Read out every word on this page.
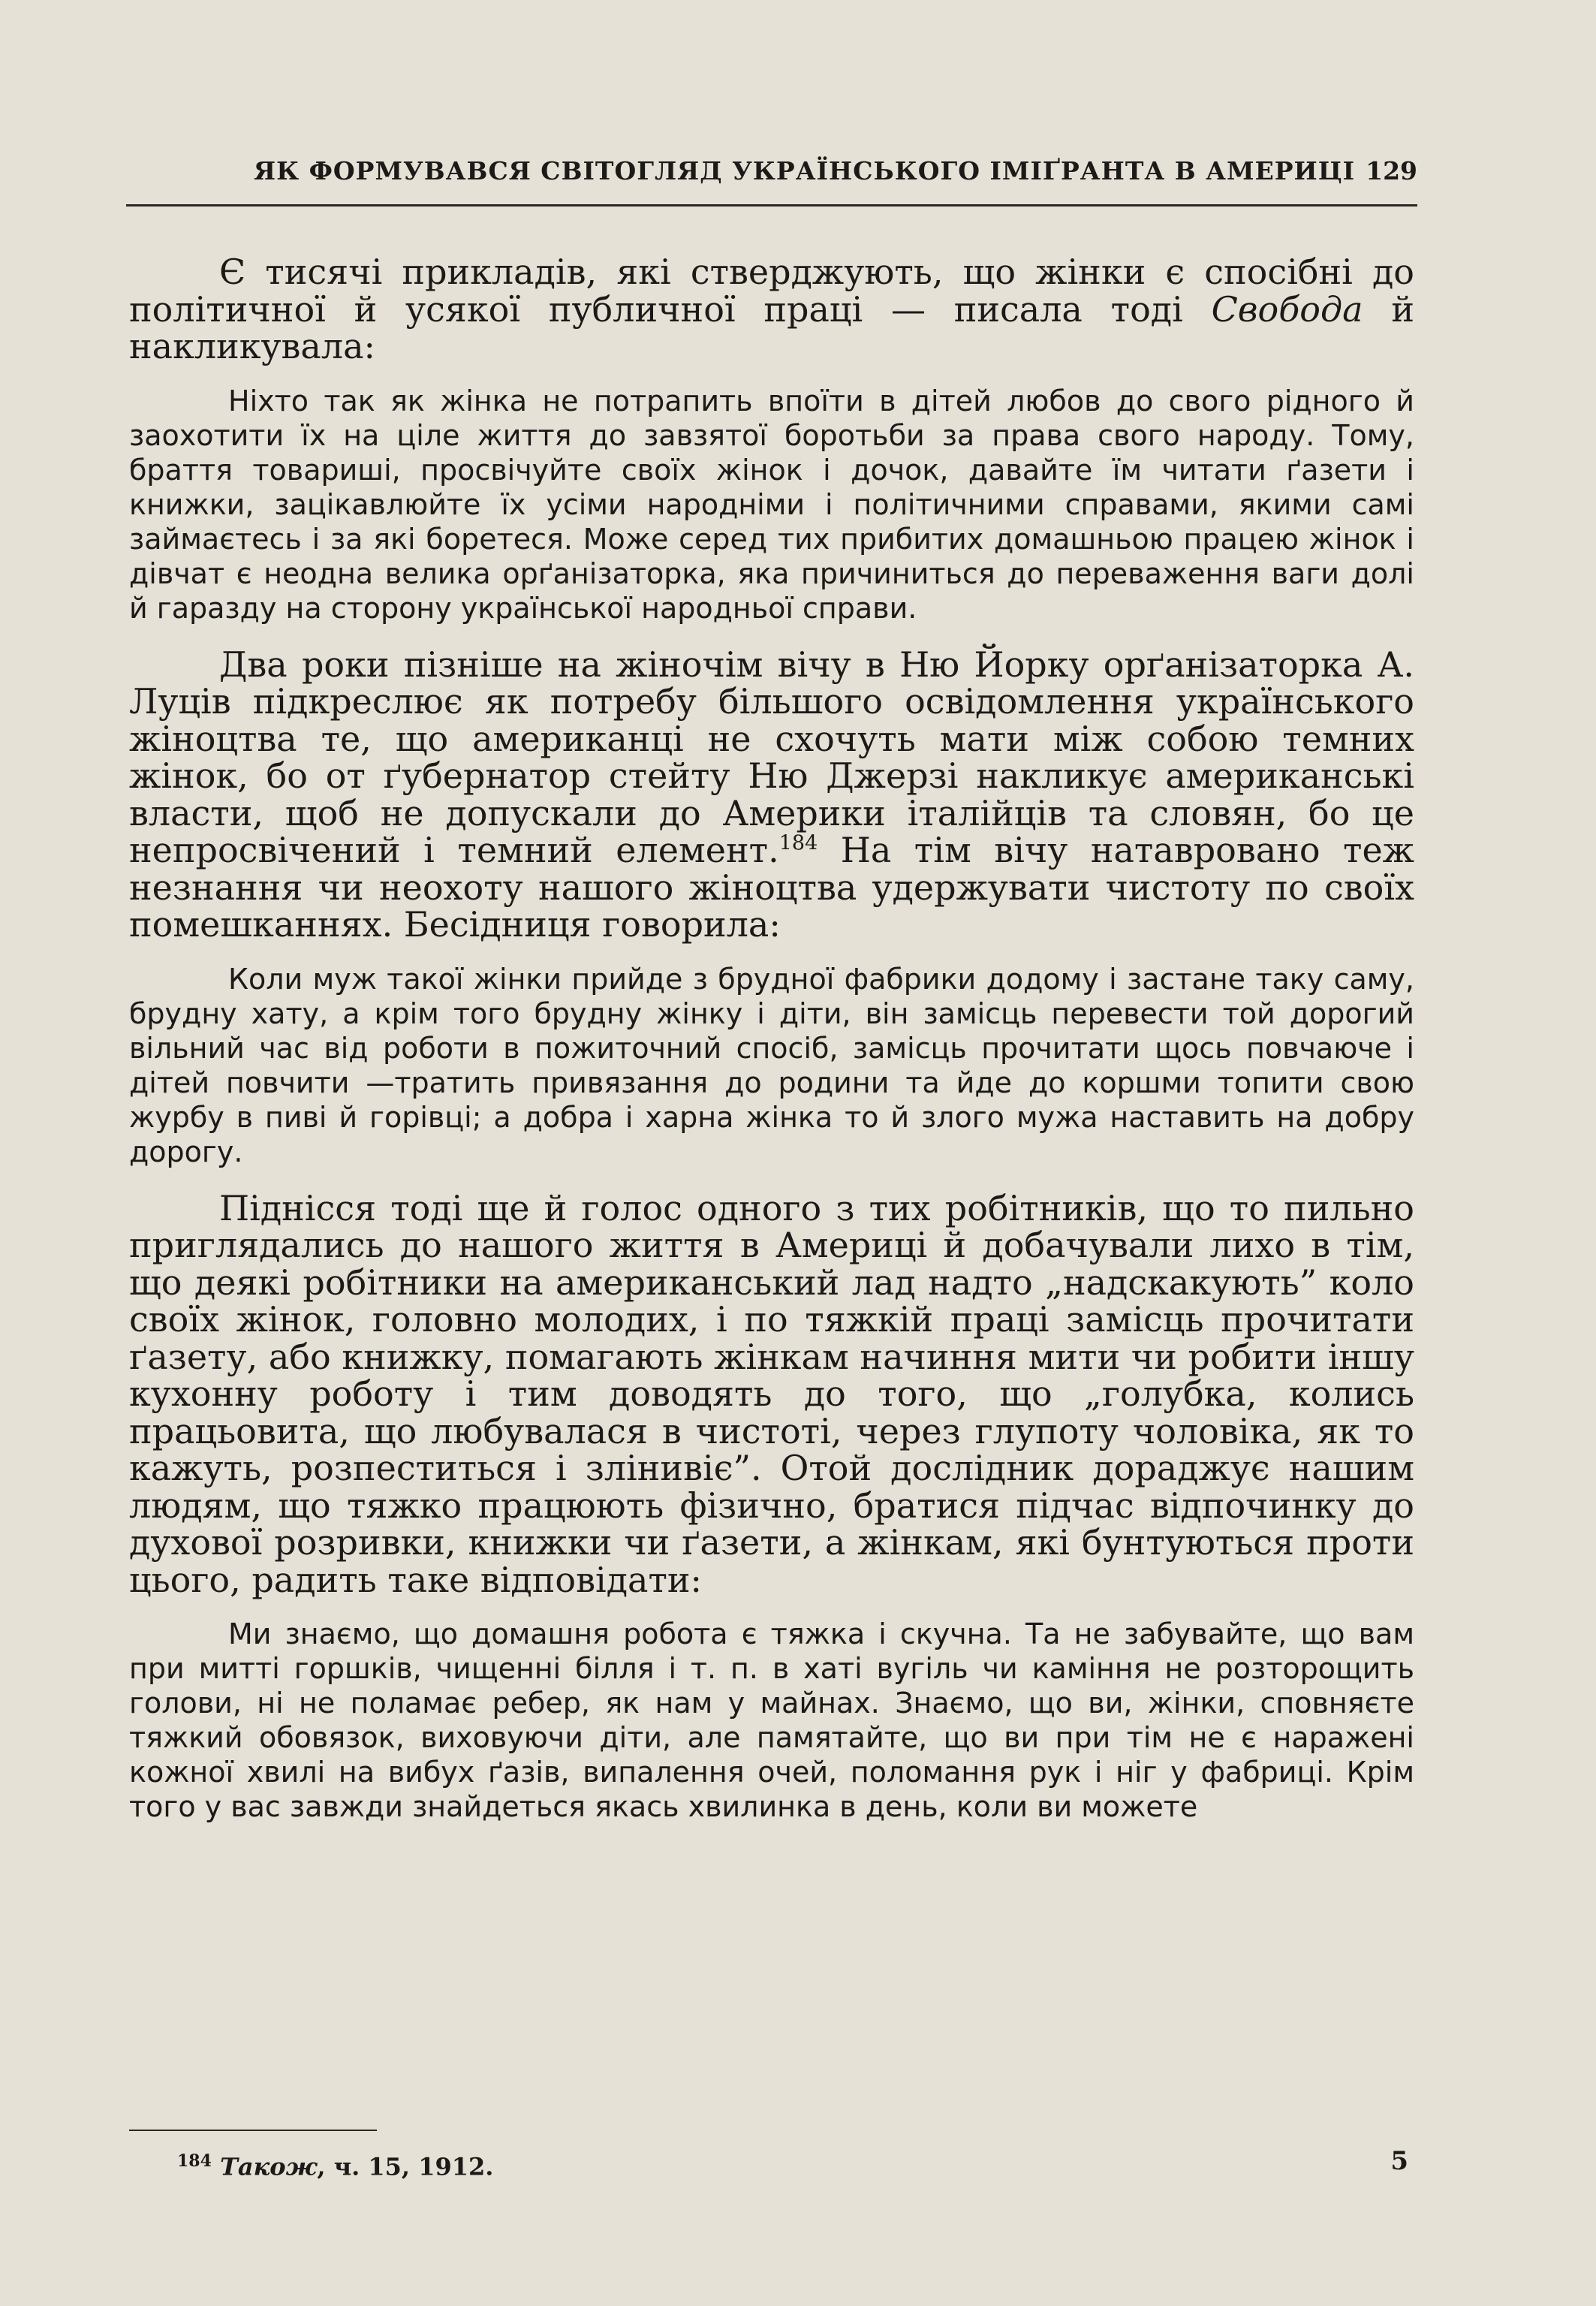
ЯК ФОРМУВАВСЯ СВІТОГЛЯД УКРАЇНСЬКОГО ІМІҐРАНТА В АМЕРИЦІ 129

Є тисячі прикладів, які стверджують, що жінки є спосібні до політичної й усякої публичної праці — писала тоді Свобода й накликувала:

Ніхто так як жінка не потрапить впоїти в дітей любов до свого рідного й заохотити їх на ціле життя до завзятої боротьби за права свого народу. Тому, браття товариші, просвічуйте своїх жінок і дочок, давайте їм читати ґазети і книжки, зацікавлюйте їх усіми народніми і політичними справами, якими самі займаєтесь і за які боретеся. Може серед тих прибитих домашньою працею жінок і дівчат є неодна велика орґанізаторка, яка причиниться до переваження ваги долі й гаразду на сторону української народньої справи.

Два роки пізніше на жіночім вічу в Ню Йорку орґанізаторка А. Луців підкреслює як потребу більшого освідомлення українського жіноцтва те, що американці не схочуть мати між собою темних жінок, бо от ґубернатор стейту Ню Джерзі накликує американські власти, щоб не допускали до Америки італійців та словян, бо це непросвічений і темний елемент.$^{184}$ На тім вічу натавровано теж незнання чи неохоту нашого жіноцтва удержувати чистоту по своїх помешканнях. Бесідниця говорила:

Коли муж такої жінки прийде з брудної фабрики додому і застане таку саму, брудну хату, а крім того брудну жінку і діти, він замісць перевести той дорогий вільний час від роботи в пожиточний спосіб, замісць прочитати щось повчаюче і дітей повчити —тратить привязання до родини та йде до коршми топити свою журбу в пиві й горівці; а добра і харна жінка то й злого мужа наставить на добру дорогу.

Піднісся тоді ще й голос одного з тих робітників, що то пильно приглядались до нашого життя в Америці й добачували лихо в тім, що деякі робітники на американський лад надто „надскакують” коло своїх жінок, головно молодих, і по тяжкій праці замісць прочитати ґазету, або книжку, помагають жінкам начиння мити чи робити іншу кухонну роботу і тим доводять до того, що „голубка, колись працьовита, що любувалася в чистоті, через глупоту чоловіка, як то кажуть, розпеститься і злінивіє”. Отой дослідник дораджує нашим людям, що тяжко працюють фізично, братися підчас відпочинку до духової розривки, книжки чи ґазети, а жінкам, які бунтуються проти цього, радить таке відповідати:

Ми знаємо, що домашня робота є тяжка і скучна. Та не забувайте, що вам при митті горшків, чищенні білля і т. п. в хаті вугіль чи каміння не розторощить голови, ні не поламає ребер, як нам у майнах. Знаємо, що ви, жінки, сповняєте тяжкий обовязок, виховуючи діти, але памятайте, що ви при тім не є наражені кожної хвилі на вибух ґазів, випалення очей, поломання рук і ніг у фабриці. Крім того у вас завжди знайдеться якась хвилинка в день, коли ви можете

$^{184}$ Також, ч. 15, 1912.	5
